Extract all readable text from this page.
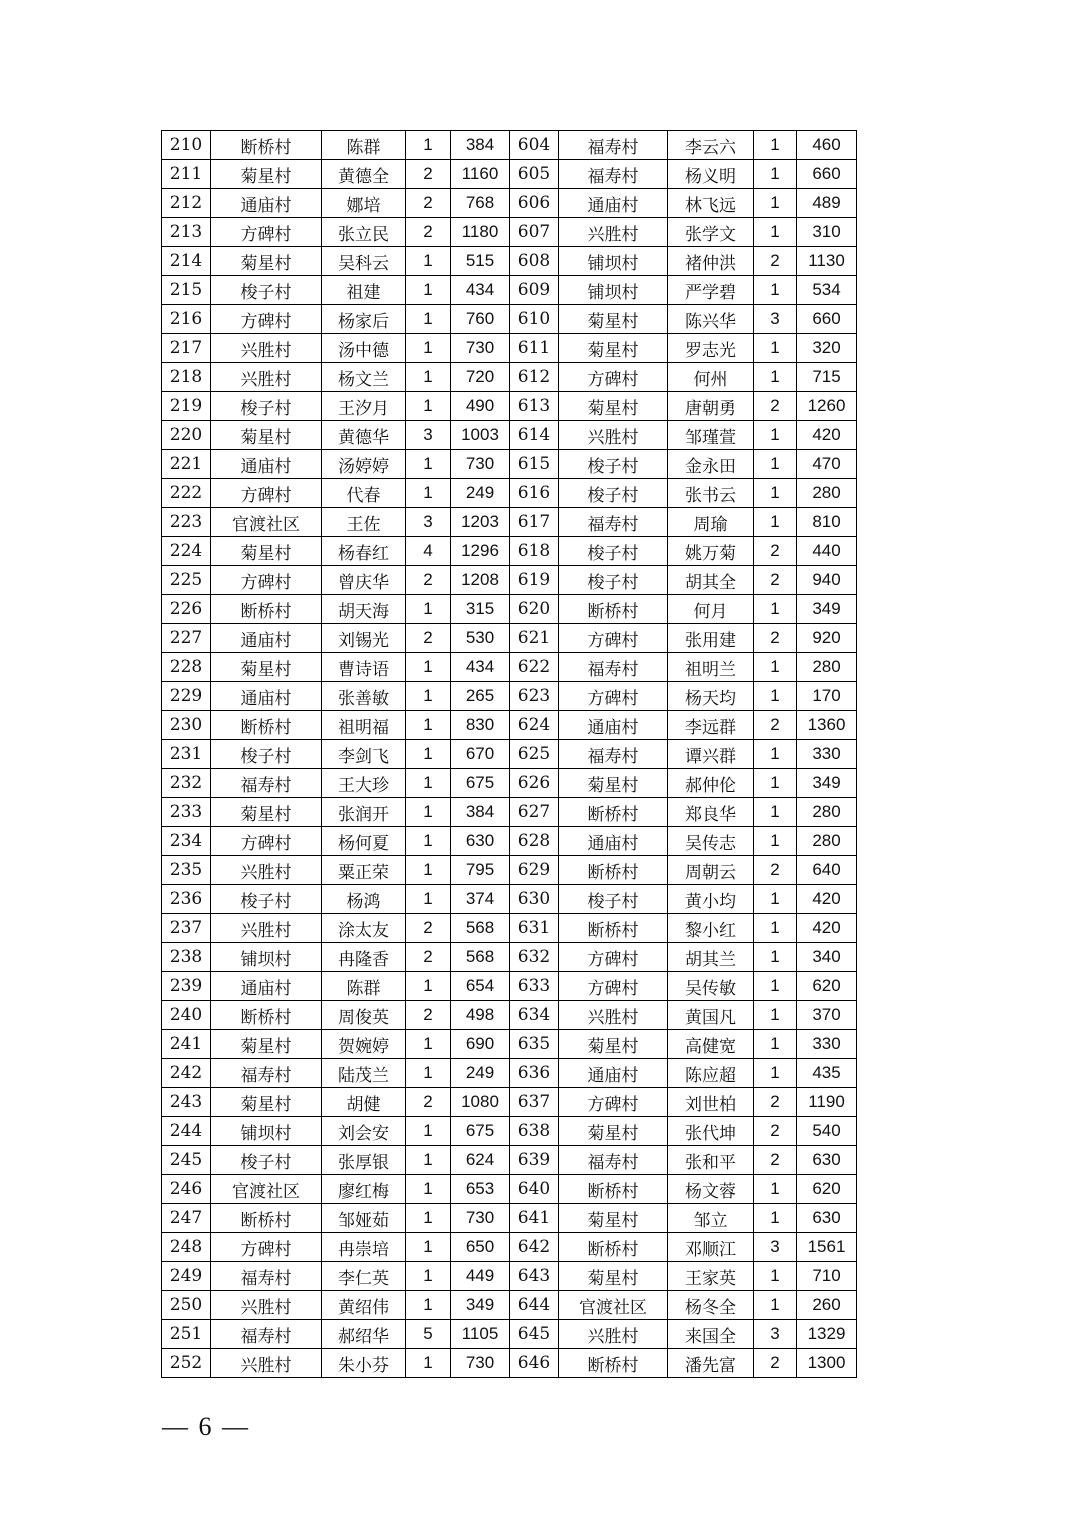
210	断桥村	陈群	1	384	604	福寿村	李云六	1	460
211	菊星村	黄德全	2	1160	605	福寿村	杨义明	1	660
212	通庙村	娜培	2	768	606	通庙村	林飞远	1	489
213	方碑村	张立民	2	1180	607	兴胜村	张学文	1	310
214	菊星村	吴科云	1	515	608	铺坝村	褚仲洪	2	1130
215	梭子村	祖建	1	434	609	铺坝村	严学碧	1	534
216	方碑村	杨家后	1	760	610	菊星村	陈兴华	3	660
217	兴胜村	汤中德	1	730	611	菊星村	罗志光	1	320
218	兴胜村	杨文兰	1	720	612	方碑村	何州	1	715
219	梭子村	王汐月	1	490	613	菊星村	唐朝勇	2	1260
220	菊星村	黄德华	3	1003	614	兴胜村	邹瑾萱	1	420
221	通庙村	汤婷婷	1	730	615	梭子村	金永田	1	470
222	方碑村	代春	1	249	616	梭子村	张书云	1	280
223	官渡社区	王佐	3	1203	617	福寿村	周瑜	1	810
224	菊星村	杨春红	4	1296	618	梭子村	姚万菊	2	440
225	方碑村	曾庆华	2	1208	619	梭子村	胡其全	2	940
226	断桥村	胡天海	1	315	620	断桥村	何月	1	349
227	通庙村	刘锡光	2	530	621	方碑村	张用建	2	920
228	菊星村	曹诗语	1	434	622	福寿村	祖明兰	1	280
229	通庙村	张善敏	1	265	623	方碑村	杨天均	1	170
230	断桥村	祖明福	1	830	624	通庙村	李远群	2	1360
231	梭子村	李剑飞	1	670	625	福寿村	谭兴群	1	330
232	福寿村	王大珍	1	675	626	菊星村	郝仲伦	1	349
233	菊星村	张润开	1	384	627	断桥村	郑良华	1	280
234	方碑村	杨何夏	1	630	628	通庙村	吴传志	1	280
235	兴胜村	粟正荣	1	795	629	断桥村	周朝云	2	640
236	梭子村	杨鸿	1	374	630	梭子村	黄小均	1	420
237	兴胜村	涂太友	2	568	631	断桥村	黎小红	1	420
238	铺坝村	冉隆香	2	568	632	方碑村	胡其兰	1	340
239	通庙村	陈群	1	654	633	方碑村	吴传敏	1	620
240	断桥村	周俊英	2	498	634	兴胜村	黄国凡	1	370
241	菊星村	贺婉婷	1	690	635	菊星村	高健宽	1	330
242	福寿村	陆茂兰	1	249	636	通庙村	陈应超	1	435
243	菊星村	胡健	2	1080	637	方碑村	刘世柏	2	1190
244	铺坝村	刘会安	1	675	638	菊星村	张代坤	2	540
245	梭子村	张厚银	1	624	639	福寿村	张和平	2	630
246	官渡社区	廖红梅	1	653	640	断桥村	杨文蓉	1	620
247	断桥村	邹娅茹	1	730	641	菊星村	邹立	1	630
248	方碑村	冉崇培	1	650	642	断桥村	邓顺江	3	1561
249	福寿村	李仁英	1	449	643	菊星村	王家英	1	710
250	兴胜村	黄绍伟	1	349	644	官渡社区	杨冬全	1	260
251	福寿村	郝绍华	5	1105	645	兴胜村	来国全	3	1329
252	兴胜村	朱小芬	1	730	646	断桥村	潘先富	2	1300
— 6 —
